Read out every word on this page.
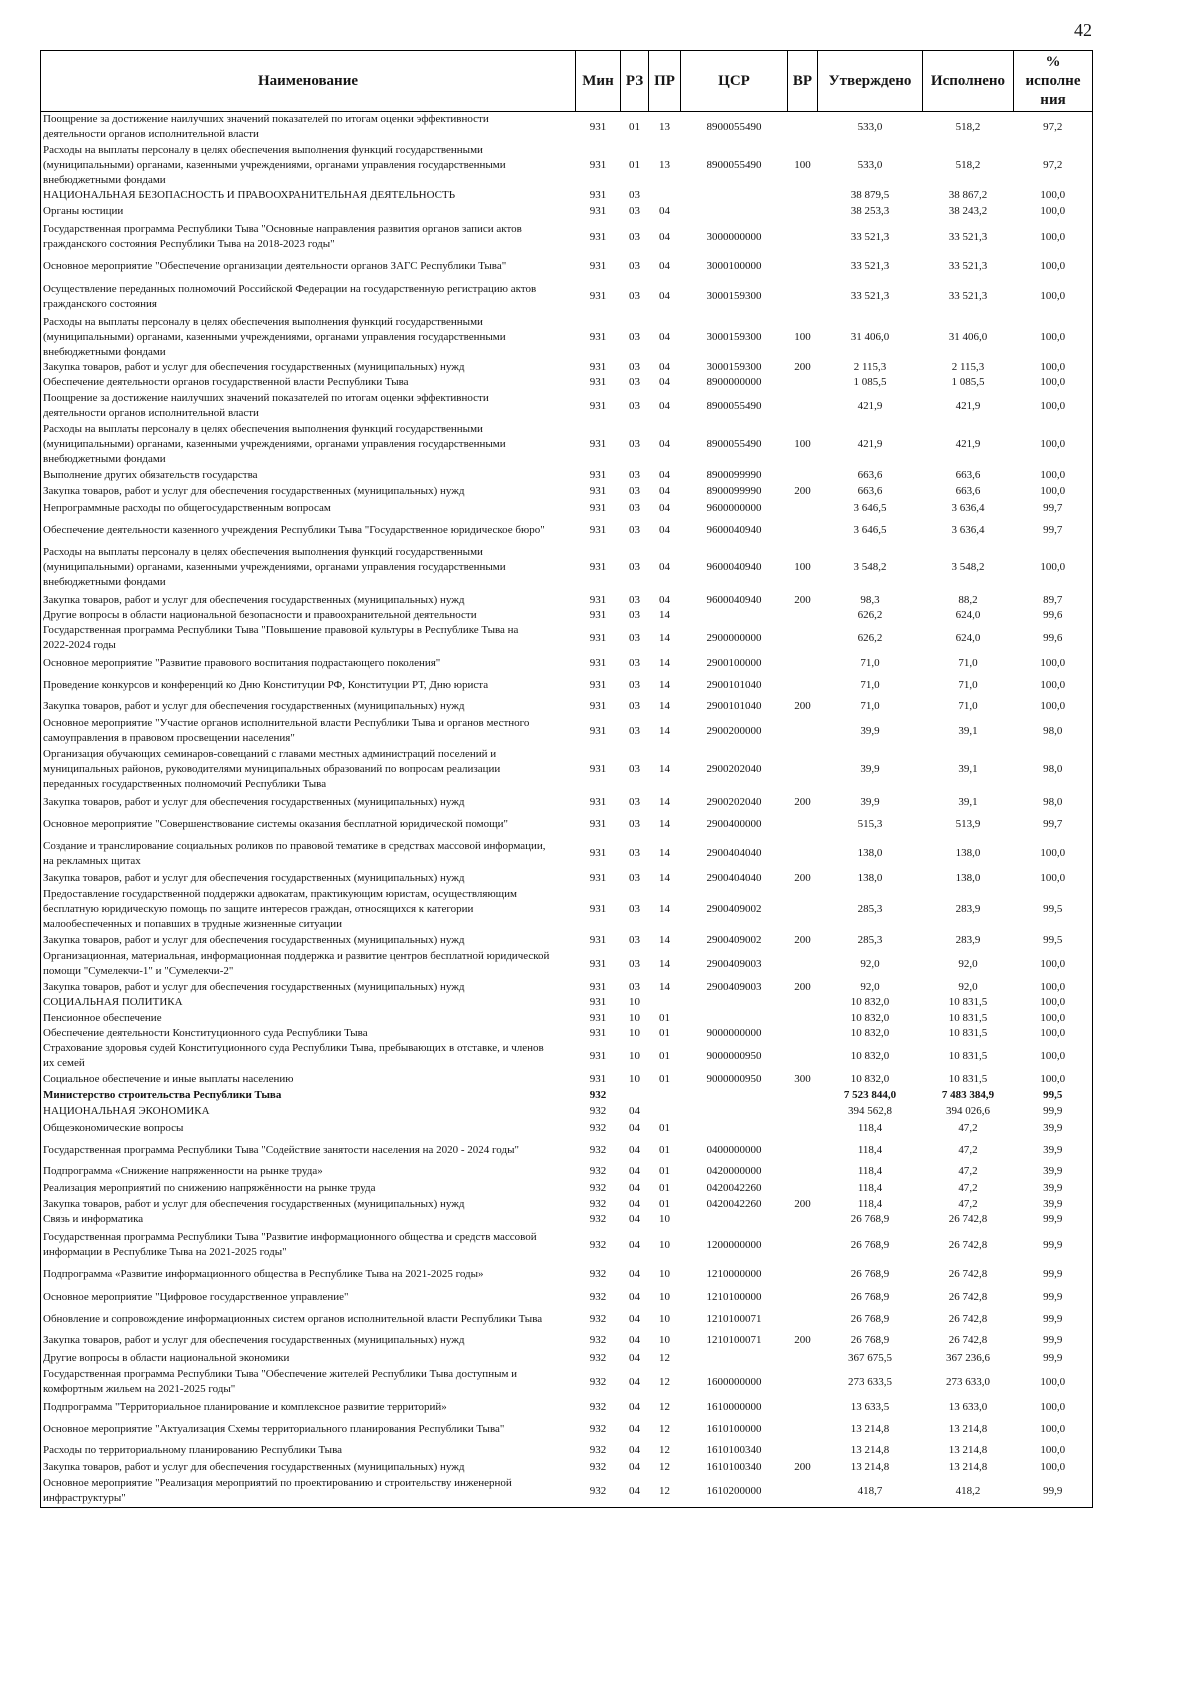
42
Наименование	Мин	РЗ	ПР	ЦСР	ВР	Утверждено	Исполнено	%
исполне
ния
Поощрение за достижение наилучших значений показателей по итогам оценки эффективности
деятельности органов исполнительной власти	931	01	13	8900055490		533,0	518,2	97,2
Расходы на выплаты персоналу в целях обеспечения выполнения функций государственными
(муниципальными) органами, казенными учреждениями, органами управления государственными
внебюджетными фондами	931	01	13	8900055490	100	533,0	518,2	97,2
НАЦИОНАЛЬНАЯ БЕЗОПАСНОСТЬ И ПРАВООХРАНИТЕЛЬНАЯ ДЕЯТЕЛЬНОСТЬ	931	03				38 879,5	38 867,2	100,0
Органы юстиции	931	03	04			38 253,3	38 243,2	100,0
Государственная программа Республики Тыва "Основные направления развития органов записи актов
гражданского состояния Республики Тыва на 2018-2023 годы"	931	03	04	3000000000		33 521,3	33 521,3	100,0
Основное мероприятие "Обеспечение организации деятельности органов ЗАГС Республики Тыва"	931	03	04	3000100000		33 521,3	33 521,3	100,0
Осуществление переданных полномочий Российской Федерации на государственную регистрацию актов
гражданского состояния	931	03	04	3000159300		33 521,3	33 521,3	100,0
Расходы на выплаты персоналу в целях обеспечения выполнения функций государственными
(муниципальными) органами, казенными учреждениями, органами управления государственными
внебюджетными фондами	931	03	04	3000159300	100	31 406,0	31 406,0	100,0
Закупка товаров, работ и услуг для обеспечения государственных (муниципальных) нужд	931	03	04	3000159300	200	2 115,3	2 115,3	100,0
Обеспечение деятельности органов государственной власти Республики Тыва	931	03	04	8900000000		1 085,5	1 085,5	100,0
Поощрение за достижение наилучших значений показателей по итогам оценки эффективности
деятельности органов исполнительной власти	931	03	04	8900055490		421,9	421,9	100,0
Расходы на выплаты персоналу в целях обеспечения выполнения функций государственными
(муниципальными) органами, казенными учреждениями, органами управления государственными
внебюджетными фондами	931	03	04	8900055490	100	421,9	421,9	100,0
Выполнение других обязательств государства	931	03	04	8900099990		663,6	663,6	100,0
Закупка товаров, работ и услуг для обеспечения государственных (муниципальных) нужд	931	03	04	8900099990	200	663,6	663,6	100,0
Непрограммные расходы по общегосударственным вопросам	931	03	04	9600000000		3 646,5	3 636,4	99,7
Обеспечение деятельности казенного учреждения Республики Тыва "Государственное юридическое бюро"	931	03	04	9600040940		3 646,5	3 636,4	99,7
Расходы на выплаты персоналу в целях обеспечения выполнения функций государственными
(муниципальными) органами, казенными учреждениями, органами управления государственными
внебюджетными фондами	931	03	04	9600040940	100	3 548,2	3 548,2	100,0
Закупка товаров, работ и услуг для обеспечения государственных (муниципальных) нужд	931	03	04	9600040940	200	98,3	88,2	89,7
Другие вопросы в области национальной безопасности и правоохранительной деятельности	931	03	14			626,2	624,0	99,6
Государственная программа Республики Тыва "Повышение правовой культуры в Республике Тыва на
2022-2024 годы	931	03	14	2900000000		626,2	624,0	99,6
Основное мероприятие "Развитие правового воспитания подрастающего поколения"	931	03	14	2900100000		71,0	71,0	100,0
Проведение конкурсов и конференций ко Дню Конституции РФ, Конституции РТ, Дню юриста	931	03	14	2900101040		71,0	71,0	100,0
Закупка товаров, работ и услуг для обеспечения государственных (муниципальных) нужд	931	03	14	2900101040	200	71,0	71,0	100,0
Основное мероприятие "Участие органов исполнительной власти Республики Тыва и органов местного
самоуправления в правовом просвещении населения"	931	03	14	2900200000		39,9	39,1	98,0
Организация обучающих семинаров-совещаний с главами местных администраций поселений и
муниципальных районов, руководителями муниципальных образований по вопросам реализации
переданных государственных полномочий Республики Тыва	931	03	14	2900202040		39,9	39,1	98,0
Закупка товаров, работ и услуг для обеспечения государственных (муниципальных) нужд	931	03	14	2900202040	200	39,9	39,1	98,0
Основное мероприятие "Совершенствование системы оказания бесплатной юридической помощи"	931	03	14	2900400000		515,3	513,9	99,7
Создание и транслирование социальных роликов по правовой тематике в средствах массовой информации,
на рекламных щитах	931	03	14	2900404040		138,0	138,0	100,0
Закупка товаров, работ и услуг для обеспечения государственных (муниципальных) нужд	931	03	14	2900404040	200	138,0	138,0	100,0
Предоставление государственной поддержки адвокатам, практикующим юристам, осуществляющим
бесплатную юридическую помощь по защите интересов граждан, относящихся к категории
малообеспеченных и попавших в трудные жизненные ситуации	931	03	14	2900409002		285,3	283,9	99,5
Закупка товаров, работ и услуг для обеспечения государственных (муниципальных) нужд	931	03	14	2900409002	200	285,3	283,9	99,5
Организационная, материальная, информационная поддержка и развитие центров бесплатной юридической
помощи "Сумелекчи-1" и "Сумелекчи-2"	931	03	14	2900409003		92,0	92,0	100,0
Закупка товаров, работ и услуг для обеспечения государственных (муниципальных) нужд	931	03	14	2900409003	200	92,0	92,0	100,0
СОЦИАЛЬНАЯ ПОЛИТИКА	931	10				10 832,0	10 831,5	100,0
Пенсионное обеспечение	931	10	01			10 832,0	10 831,5	100,0
Обеспечение деятельности Конституционного суда Республики Тыва	931	10	01	9000000000		10 832,0	10 831,5	100,0
Страхование здоровья судей Конституционного суда Республики Тыва, пребывающих в отставке, и членов
их семей	931	10	01	9000000950		10 832,0	10 831,5	100,0
Социальное обеспечение и иные выплаты населению	931	10	01	9000000950	300	10 832,0	10 831,5	100,0
Министерство строительства Республики Тыва	932					7 523 844,0	7 483 384,9	99,5
НАЦИОНАЛЬНАЯ ЭКОНОМИКА	932	04				394 562,8	394 026,6	99,9
Общеэкономические вопросы	932	04	01			118,4	47,2	39,9
Государственная программа Республики Тыва "Содействие занятости населения на 2020 - 2024 годы"	932	04	01	0400000000		118,4	47,2	39,9
Подпрограмма «Снижение напряженности на рынке труда»	932	04	01	0420000000		118,4	47,2	39,9
Реализация мероприятий по снижению напряжённости на рынке труда	932	04	01	0420042260		118,4	47,2	39,9
Закупка товаров, работ и услуг для обеспечения государственных (муниципальных) нужд	932	04	01	0420042260	200	118,4	47,2	39,9
Связь и информатика	932	04	10			26 768,9	26 742,8	99,9
Государственная программа Республики Тыва "Развитие информационного общества и средств массовой
информации в Республике Тыва на 2021-2025 годы"	932	04	10	1200000000		26 768,9	26 742,8	99,9
Подпрограмма «Развитие информационного общества в Республике Тыва на 2021-2025 годы»	932	04	10	1210000000		26 768,9	26 742,8	99,9
Основное мероприятие "Цифровое государственное управление"	932	04	10	1210100000		26 768,9	26 742,8	99,9
Обновление и сопровождение информационных систем органов исполнительной власти Республики Тыва	932	04	10	1210100071		26 768,9	26 742,8	99,9
Закупка товаров, работ и услуг для обеспечения государственных (муниципальных) нужд	932	04	10	1210100071	200	26 768,9	26 742,8	99,9
Другие вопросы в области национальной экономики	932	04	12			367 675,5	367 236,6	99,9
Государственная программа Республики Тыва "Обеспечение жителей Республики Тыва доступным и
комфортным жильем на 2021-2025 годы"	932	04	12	1600000000		273 633,5	273 633,0	100,0
Подпрограмма "Территориальное планирование и комплексное развитие территорий»	932	04	12	1610000000		13 633,5	13 633,0	100,0
Основное мероприятие "Актуализация Схемы территориального планирования Республики Тыва"	932	04	12	1610100000		13 214,8	13 214,8	100,0
Расходы по территориальному планированию Республики Тыва	932	04	12	1610100340		13 214,8	13 214,8	100,0
Закупка товаров, работ и услуг для обеспечения государственных (муниципальных) нужд	932	04	12	1610100340	200	13 214,8	13 214,8	100,0
Основное мероприятие "Реализация мероприятий по проектированию и строительству инженерной
инфраструктуры"	932	04	12	1610200000		418,7	418,2	99,9
